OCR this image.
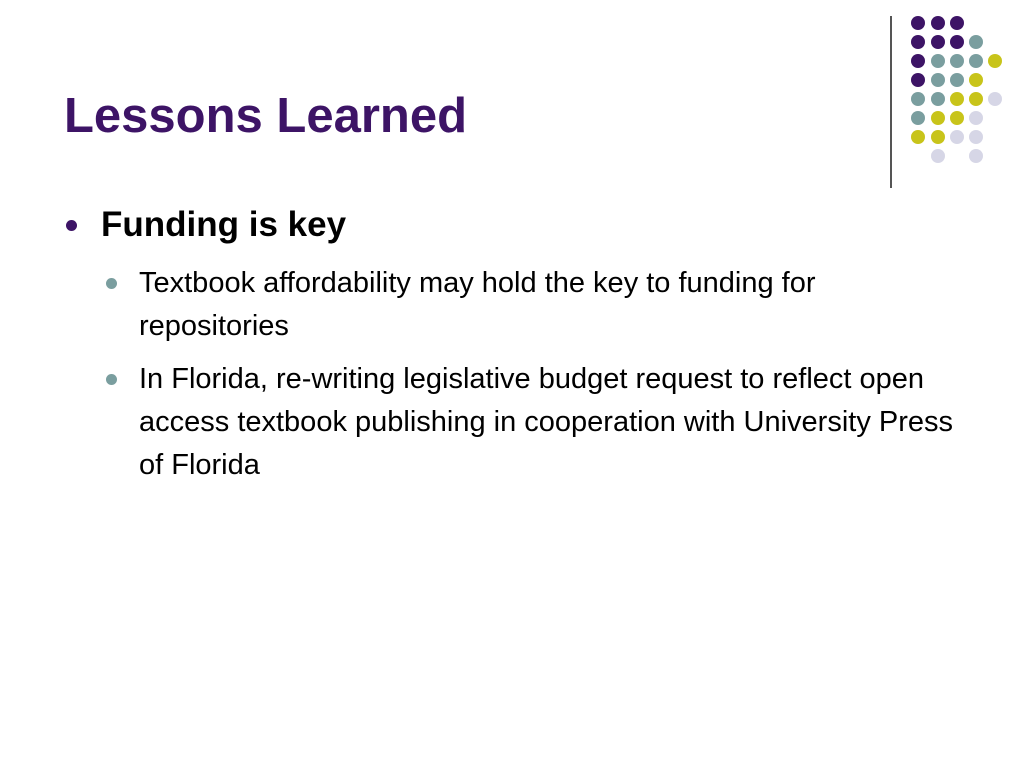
Lessons Learned
Funding is key
Textbook affordability may hold the key to funding for repositories
In Florida, re-writing legislative budget request to reflect open access textbook publishing in cooperation with University Press of Florida
